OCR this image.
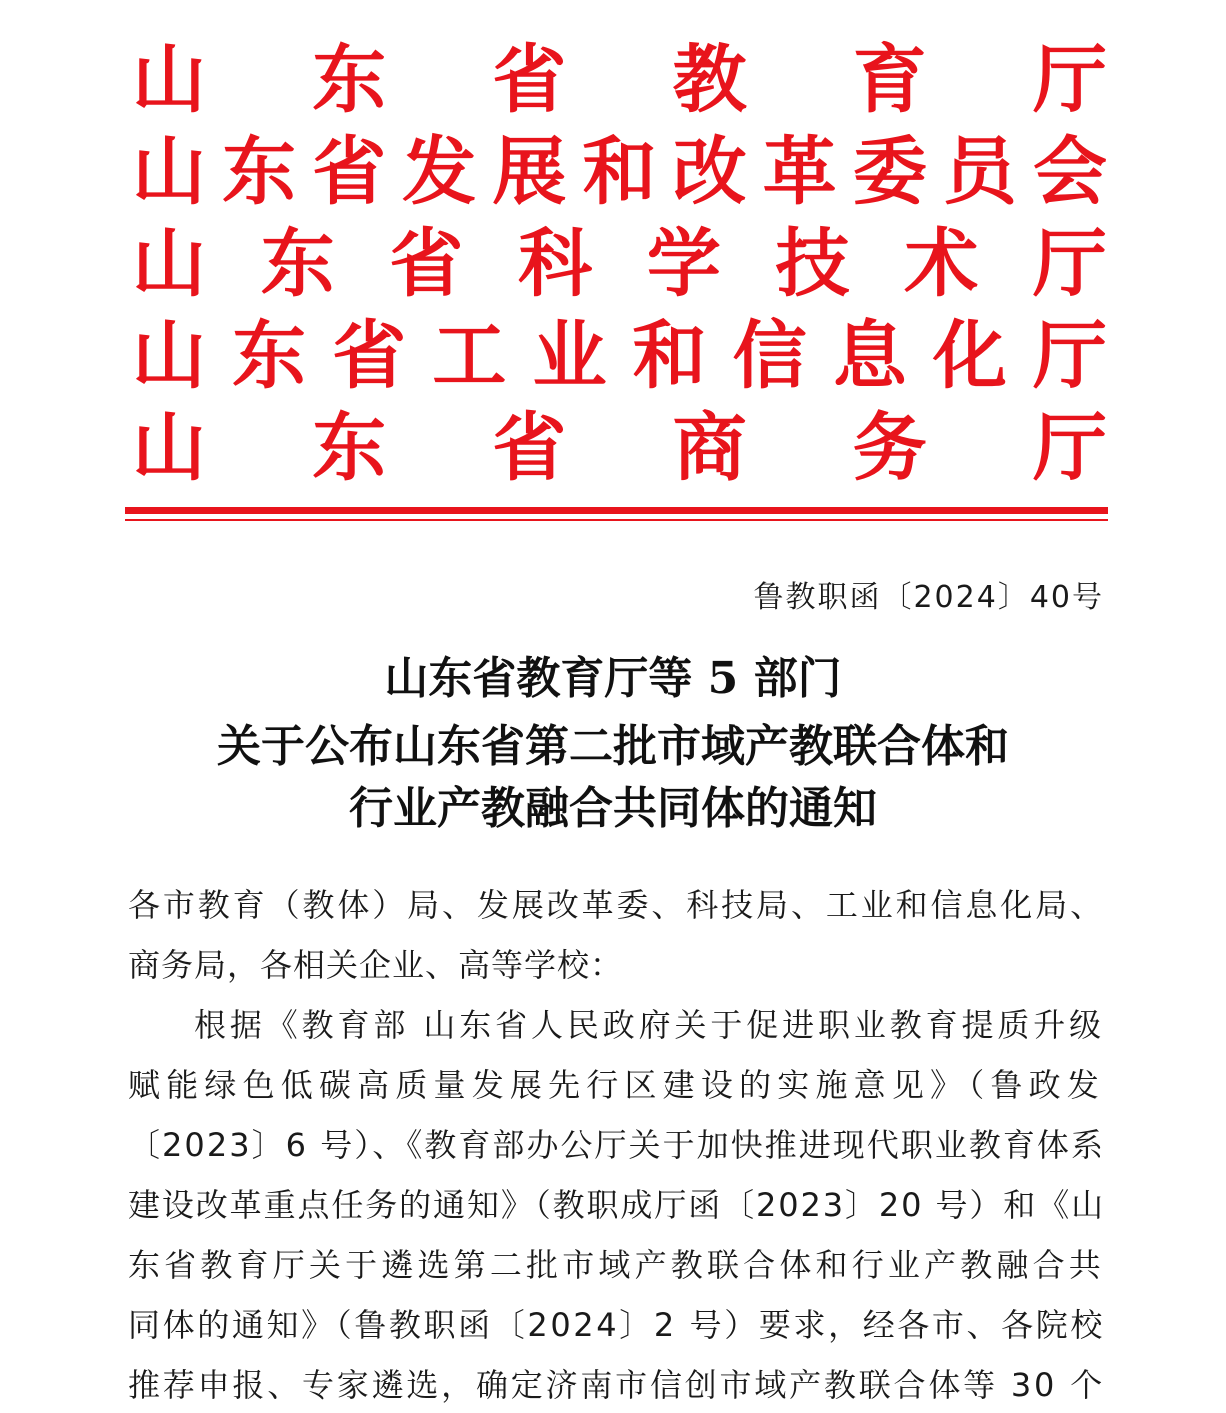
山 东 省 教 育 厅
山 东 省 发 展 和 改 革 委 员 会
山 东 省 科 学 技 术 厅
山 东 省 工 业 和 信 息 化 厅
山 东 省 商 务 厅
鲁教职函〔2024〕40号
山东省教育厅等 5 部门
关于公布山东省第二批市域产教联合体和
行业产教融合共同体的通知
各市教育（教体）局、发展改革委、科技局、工业和信息化局、
商务局，各相关企业、高等学校：
根据《教育部 山东省人民政府关于促进职业教育提质升级
赋能绿色低碳高质量发展先行区建设的实施意见》（鲁政发
〔2023〕6 号）、《教育部办公厅关于加快推进现代职业教育体系
建设改革重点任务的通知》（教职成厅函〔2023〕20 号）和《山
东省教育厅关于遴选第二批市域产教联合体和行业产教融合共
同体的通知》（鲁教职函〔2024〕2 号）要求，经各市、各院校
推荐申报、专家遴选，确定济南市信创市域产教联合体等 30 个
